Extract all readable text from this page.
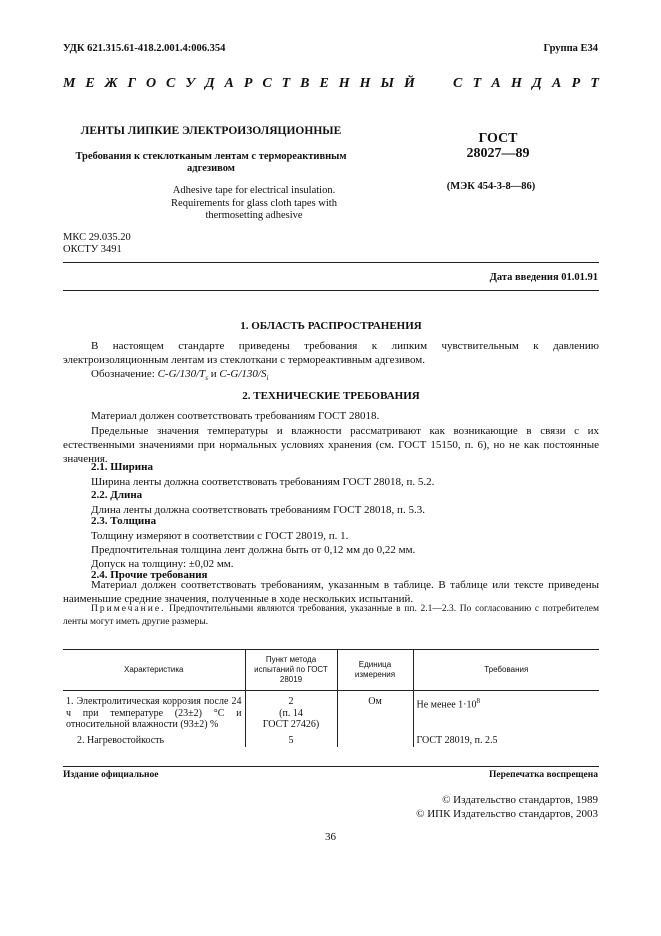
УДК 621.315.61-418.2.001.4:006.354	Группа Е34
М Е Ж Г О С У Д А Р С Т В Е Н Н Ы Й	С Т А Н Д А Р Т
ЛЕНТЫ ЛИПКИЕ ЭЛЕКТРОИЗОЛЯЦИОННЫЕ
Требования к стеклотканым лентам с термореактивным
адгезивом
Adhesive tape for electrical insulation.
Requirements for glass cloth tapes with
thermosetting adhesive
ГОСТ
28027—89
(МЭК 454-3-8—86)
МКС 29.035.20
ОКСТУ 3491
Дата введения 01.01.91
1. ОБЛАСТЬ РАСПРОСТРАНЕНИЯ
В настоящем стандарте приведены требования к липким чувствительным к давлению электроизоляционным лентам из стеклоткани с термореактивным адгезивом.
Обозначение: $C-G/130/T_s$ и $C-G/130/S_i$
2. ТЕХНИЧЕСКИЕ ТРЕБОВАНИЯ
Материал должен соответствовать требованиям ГОСТ 28018.
Предельные значения температуры и влажности рассматривают как возникающие в связи с их естественными значениями при нормальных условиях хранения (см. ГОСТ 15150, п. 6), но не как постоянные значения.
2.1. Ширина
Ширина ленты должна соответствовать требованиям ГОСТ 28018, п. 5.2.
2.2. Длина
Длина ленты должна соответствовать требованиям ГОСТ 28018, п. 5.3.
2.3. Толщина
Толщину измеряют в соответствии с ГОСТ 28019, п. 1.
Предпочтительная толщина лент должна быть от 0,12 мм до 0,22 мм.
Допуск на толщину: ±0,02 мм.
2.4. Прочие требования
Материал должен соответствовать требованиям, указанным в таблице. В таблице или тексте приведены наименьшие средние значения, полученные в ходе нескольких испытаний.
Примечание. Предпочтительными являются требования, указанные в пп. 2.1—2.3. По согласованию с потребителем ленты могут иметь другие размеры.
Характеристика	Пункт метода испытаний по ГОСТ 28019	Единица измерения	Требования
1. Электролитическая коррозия после 24 ч при температуре (23±2) °С и относительной влажности (93±2) %	2
(п. 14
ГОСТ 27426)	Ом	Не менее $1\cdot 10^8$
2. Нагревостойкость	5		ГОСТ 28019, п. 2.5
Издание официальное	Перепечатка воспрещена
© Издательство стандартов, 1989
© ИПК Издательство стандартов, 2003
36
